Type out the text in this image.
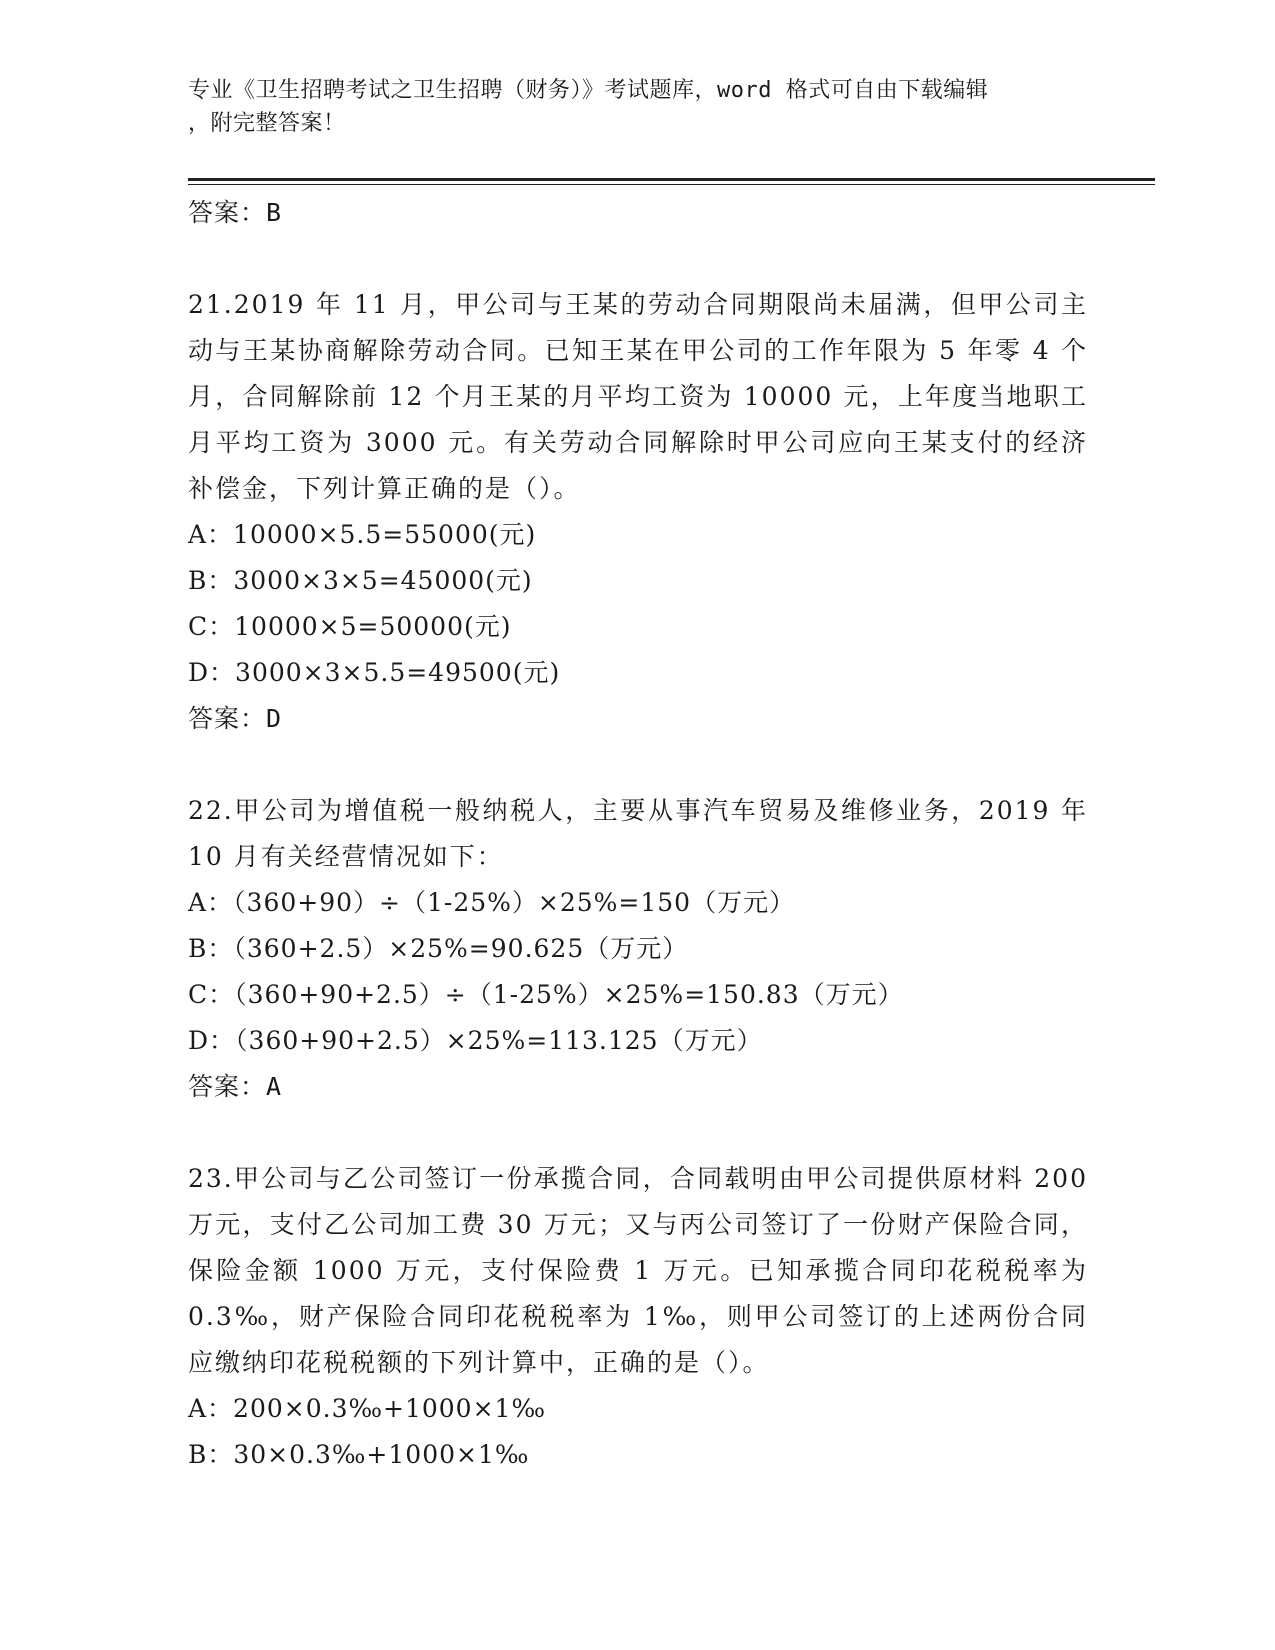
专业《卫生招聘考试之卫生招聘（财务）》考试题库，word 格式可自由下载编辑
，附完整答案！

答案：B

21.2019 年 11 月，甲公司与王某的劳动合同期限尚未届满，但甲公司主动与王某协商解除劳动合同。已知王某在甲公司的工作年限为 5 年零 4 个月，合同解除前 12 个月王某的月平均工资为 10000 元，上年度当地职工月平均工资为 3000 元。有关劳动合同解除时甲公司应向王某支付的经济补偿金，下列计算正确的是（）。

A：10000×5.5=55000(元)

B：3000×3×5=45000(元)

C：10000×5=50000(元)

D：3000×3×5.5=49500(元)

答案：D

22.甲公司为增值税一般纳税人，主要从事汽车贸易及维修业务，2019 年 10 月有关经营情况如下：

A：（360+90）÷（1-25%）×25%=150（万元）

B：（360+2.5）×25%=90.625（万元）

C：（360+90+2.5）÷（1-25%）×25%=150.83（万元）

D：（360+90+2.5）×25%=113.125（万元）

答案：A

23.甲公司与乙公司签订一份承揽合同，合同载明由甲公司提供原材料 200 万元，支付乙公司加工费 30 万元；又与丙公司签订了一份财产保险合同，保险金额 1000 万元，支付保险费 1 万元。已知承揽合同印花税税率为 0.3‰，财产保险合同印花税税率为 1‰，则甲公司签订的上述两份合同应缴纳印花税税额的下列计算中，正确的是（）。

A：200×0.3‰+1000×1‰

B：30×0.3‰+1000×1‰
